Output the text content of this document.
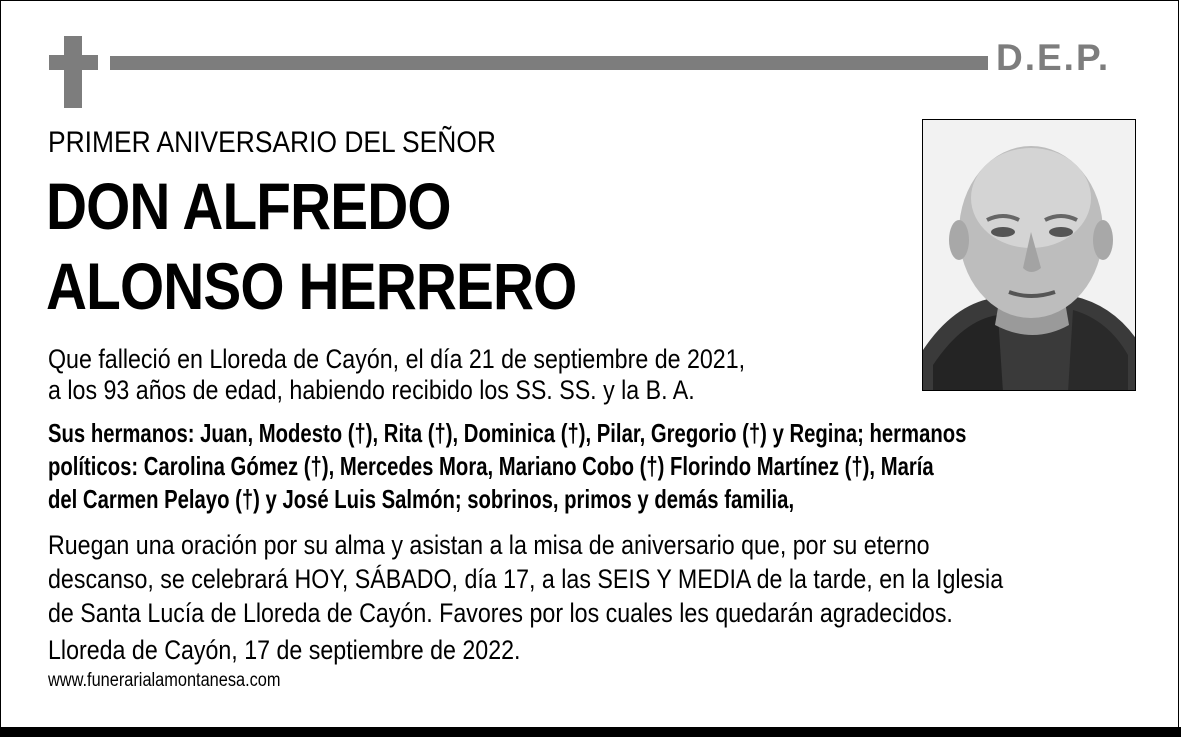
D.E.P.
PRIMER ANIVERSARIO DEL SEÑOR
DON ALFREDO
ALONSO HERRERO
Que falleció en Lloreda de Cayón, el día 21 de septiembre de 2021,
a los 93 años de edad, habiendo recibido los SS. SS. y la B. A.
Sus hermanos: Juan, Modesto (†), Rita (†), Dominica (†), Pilar, Gregorio (†) y Regina; hermanos
políticos: Carolina Gómez (†), Mercedes Mora, Mariano Cobo (†) Florindo Martínez (†), María
del Carmen Pelayo (†) y José Luis Salmón; sobrinos, primos y demás familia,
Ruegan una oración por su alma y asistan a la misa de aniversario que, por su eterno
descanso, se celebrará HOY, SÁBADO, día 17, a las SEIS Y MEDIA de la tarde, en la Iglesia
de Santa Lucía de Lloreda de Cayón. Favores por los cuales les quedarán agradecidos.
Lloreda de Cayón, 17 de septiembre de 2022.
www.funerarialamontanesa.com
